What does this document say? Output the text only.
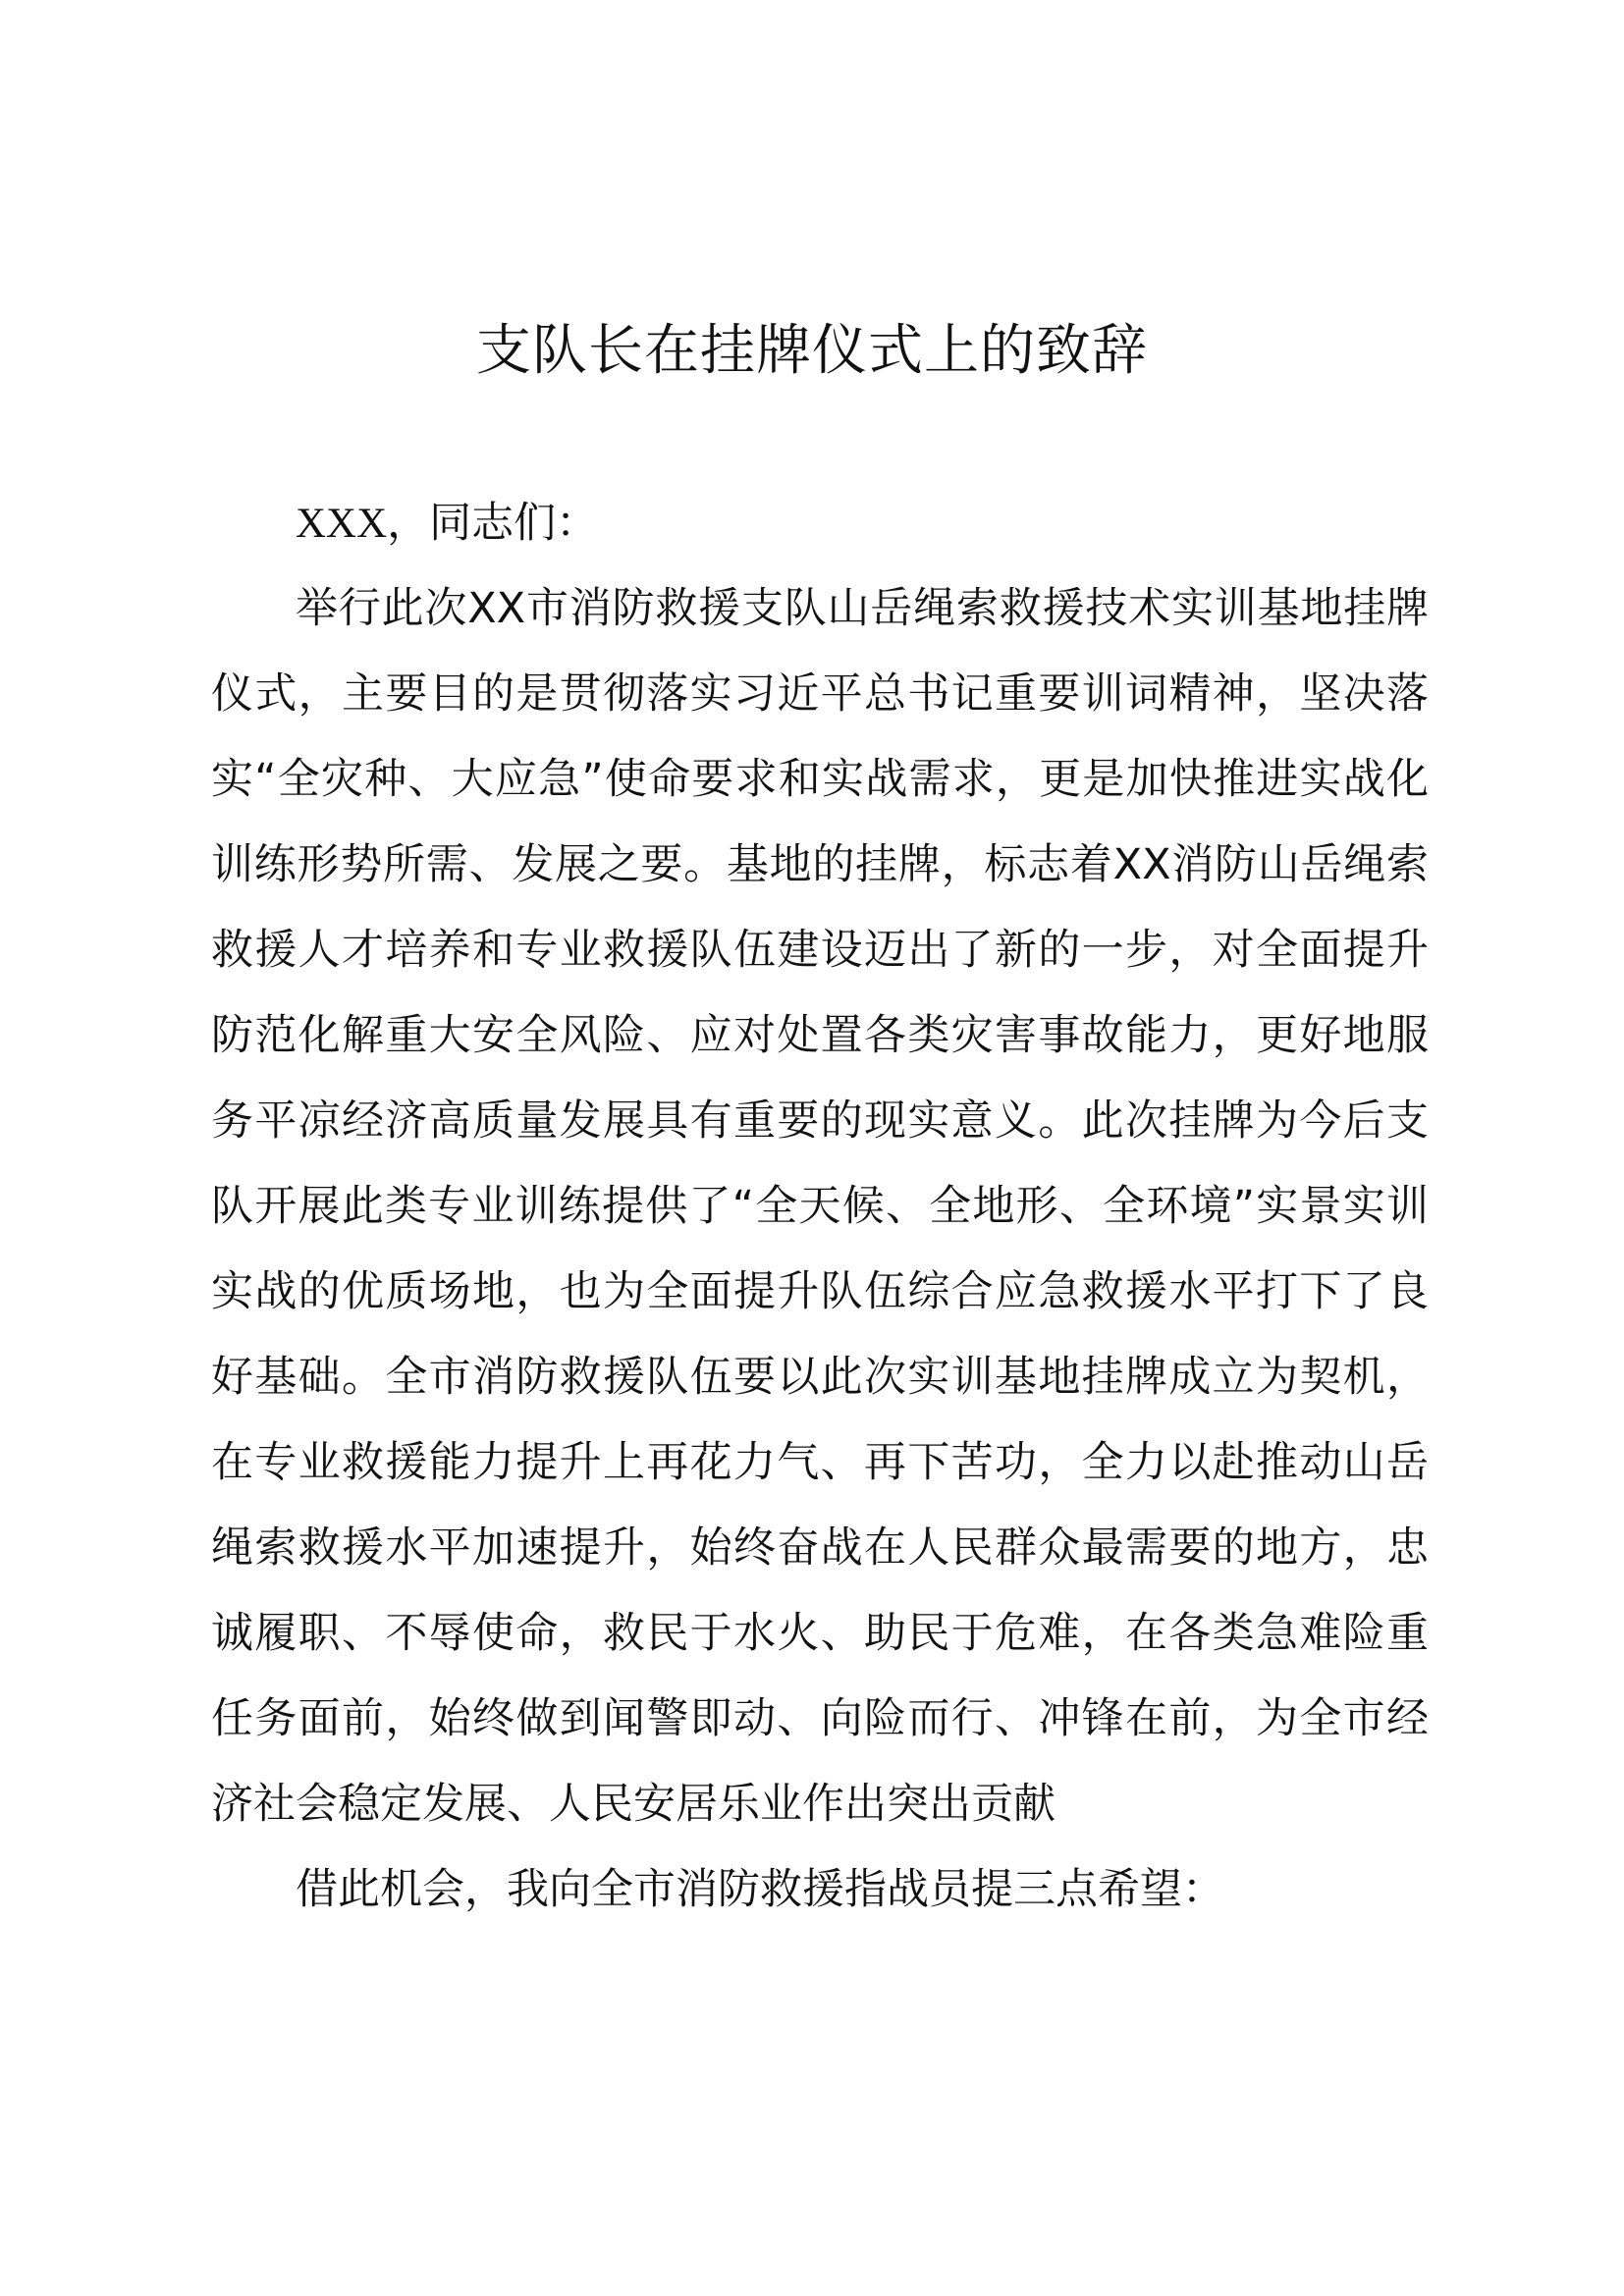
支队长在挂牌仪式上的致辞

XXX，同志们：

举行此次XX市消防救援支队山岳绳索救援技术实训基地挂牌仪式，主要目的是贯彻落实习近平总书记重要训词精神，坚决落实“全灾种、大应急”使命要求和实战需求，更是加快推进实战化训练形势所需、发展之要。基地的挂牌，标志着XX消防山岳绳索救援人才培养和专业救援队伍建设迈出了新的一步，对全面提升防范化解重大安全风险、应对处置各类灾害事故能力，更好地服务平凉经济高质量发展具有重要的现实意义。此次挂牌为今后支队开展此类专业训练提供了“全天候、全地形、全环境”实景实训实战的优质场地，也为全面提升队伍综合应急救援水平打下了良好基础。全市消防救援队伍要以此次实训基地挂牌成立为契机，在专业救援能力提升上再花力气、再下苦功，全力以赴推动山岳绳索救援水平加速提升，始终奋战在人民群众最需要的地方，忠诚履职、不辱使命，救民于水火、助民于危难，在各类急难险重任务面前，始终做到闻警即动、向险而行、冲锋在前，为全市经济社会稳定发展、人民安居乐业作出突出贡献

借此机会，我向全市消防救援指战员提三点希望：
